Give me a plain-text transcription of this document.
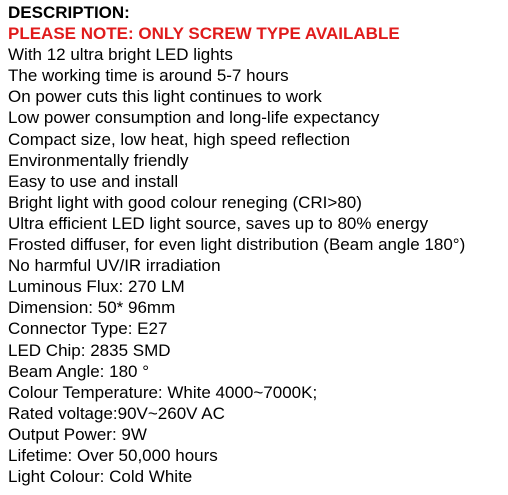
DESCRIPTION:
PLEASE NOTE: ONLY SCREW TYPE AVAILABLE
With 12 ultra bright LED lights
The working time is around 5-7 hours
On power cuts this light continues to work
Low power consumption and long-life expectancy
Compact size, low heat, high speed reflection
Environmentally friendly
Easy to use and install
Bright light with good colour reneging (CRI>80)
Ultra efficient LED light source, saves up to 80% energy
Frosted diffuser, for even light distribution (Beam angle 180°)
No harmful UV/IR irradiation
Luminous Flux: 270 LM
Dimension: 50* 96mm
Connector Type: E27
LED Chip: 2835 SMD
Beam Angle: 180 °
Colour Temperature: White 4000~7000K;
Rated voltage:90V~260V AC
Output Power: 9W
Lifetime: Over 50,000 hours
Light Colour: Cold White
